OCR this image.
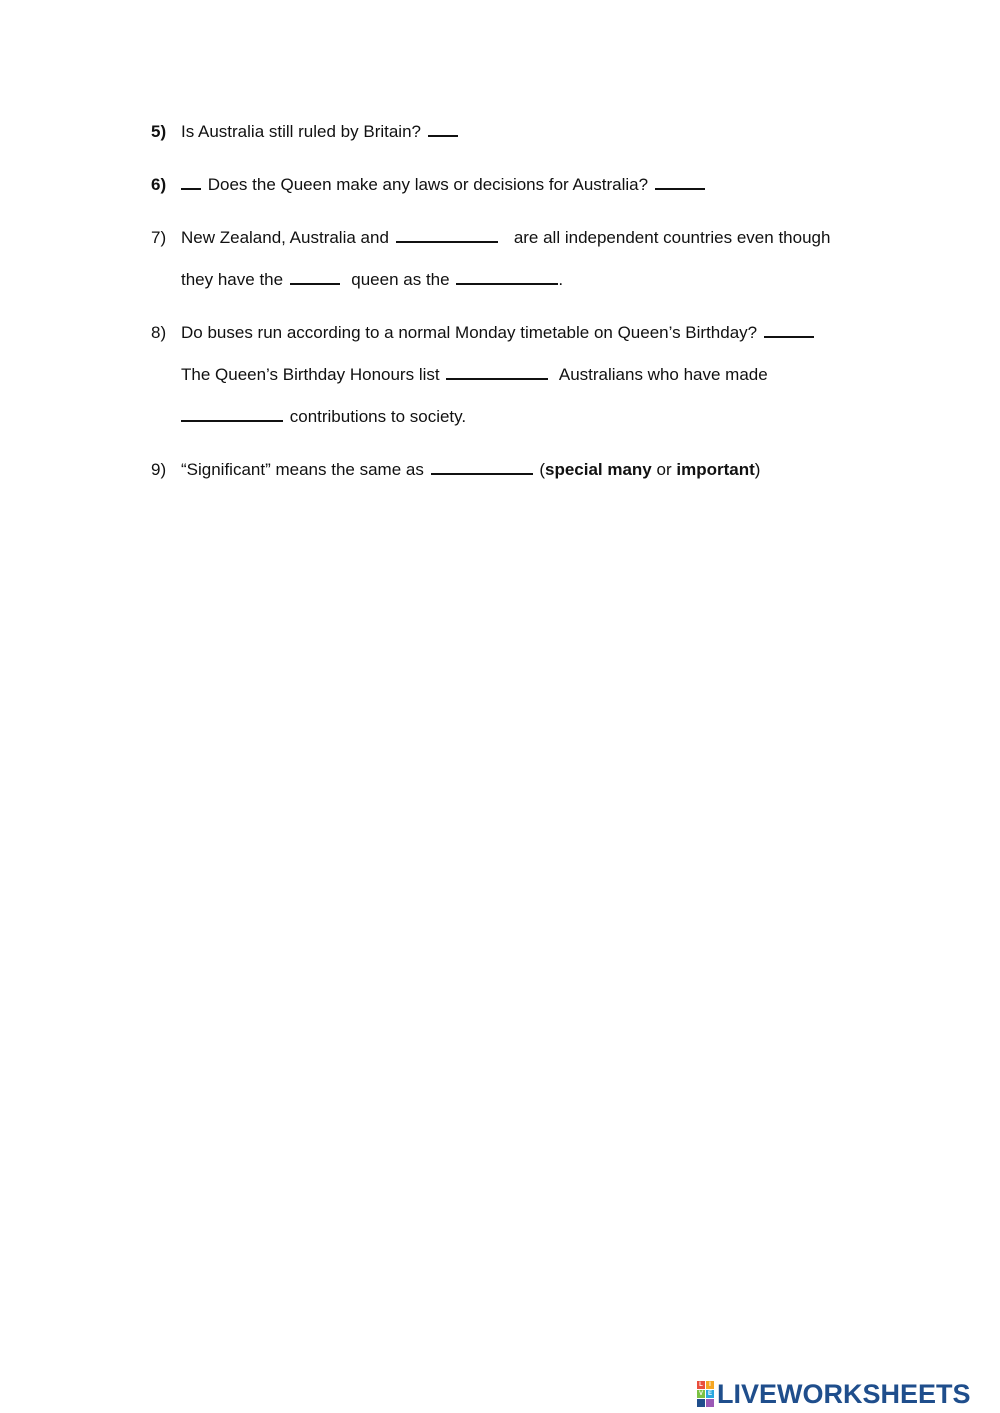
5) Is Australia still ruled by Britain?
6) Does the Queen make any laws or decisions for Australia?
7) New Zealand, Australia and	are all independent countries even though
they have the	queen as the	.
8) Do buses run according to a normal Monday timetable on Queen’s Birthday?
The Queen’s Birthday Honours list	Australians who have made
contributions to society.
9) “Significant” means the same as	(special many or important)
L	I
V E LIVEWORKSHEETS
